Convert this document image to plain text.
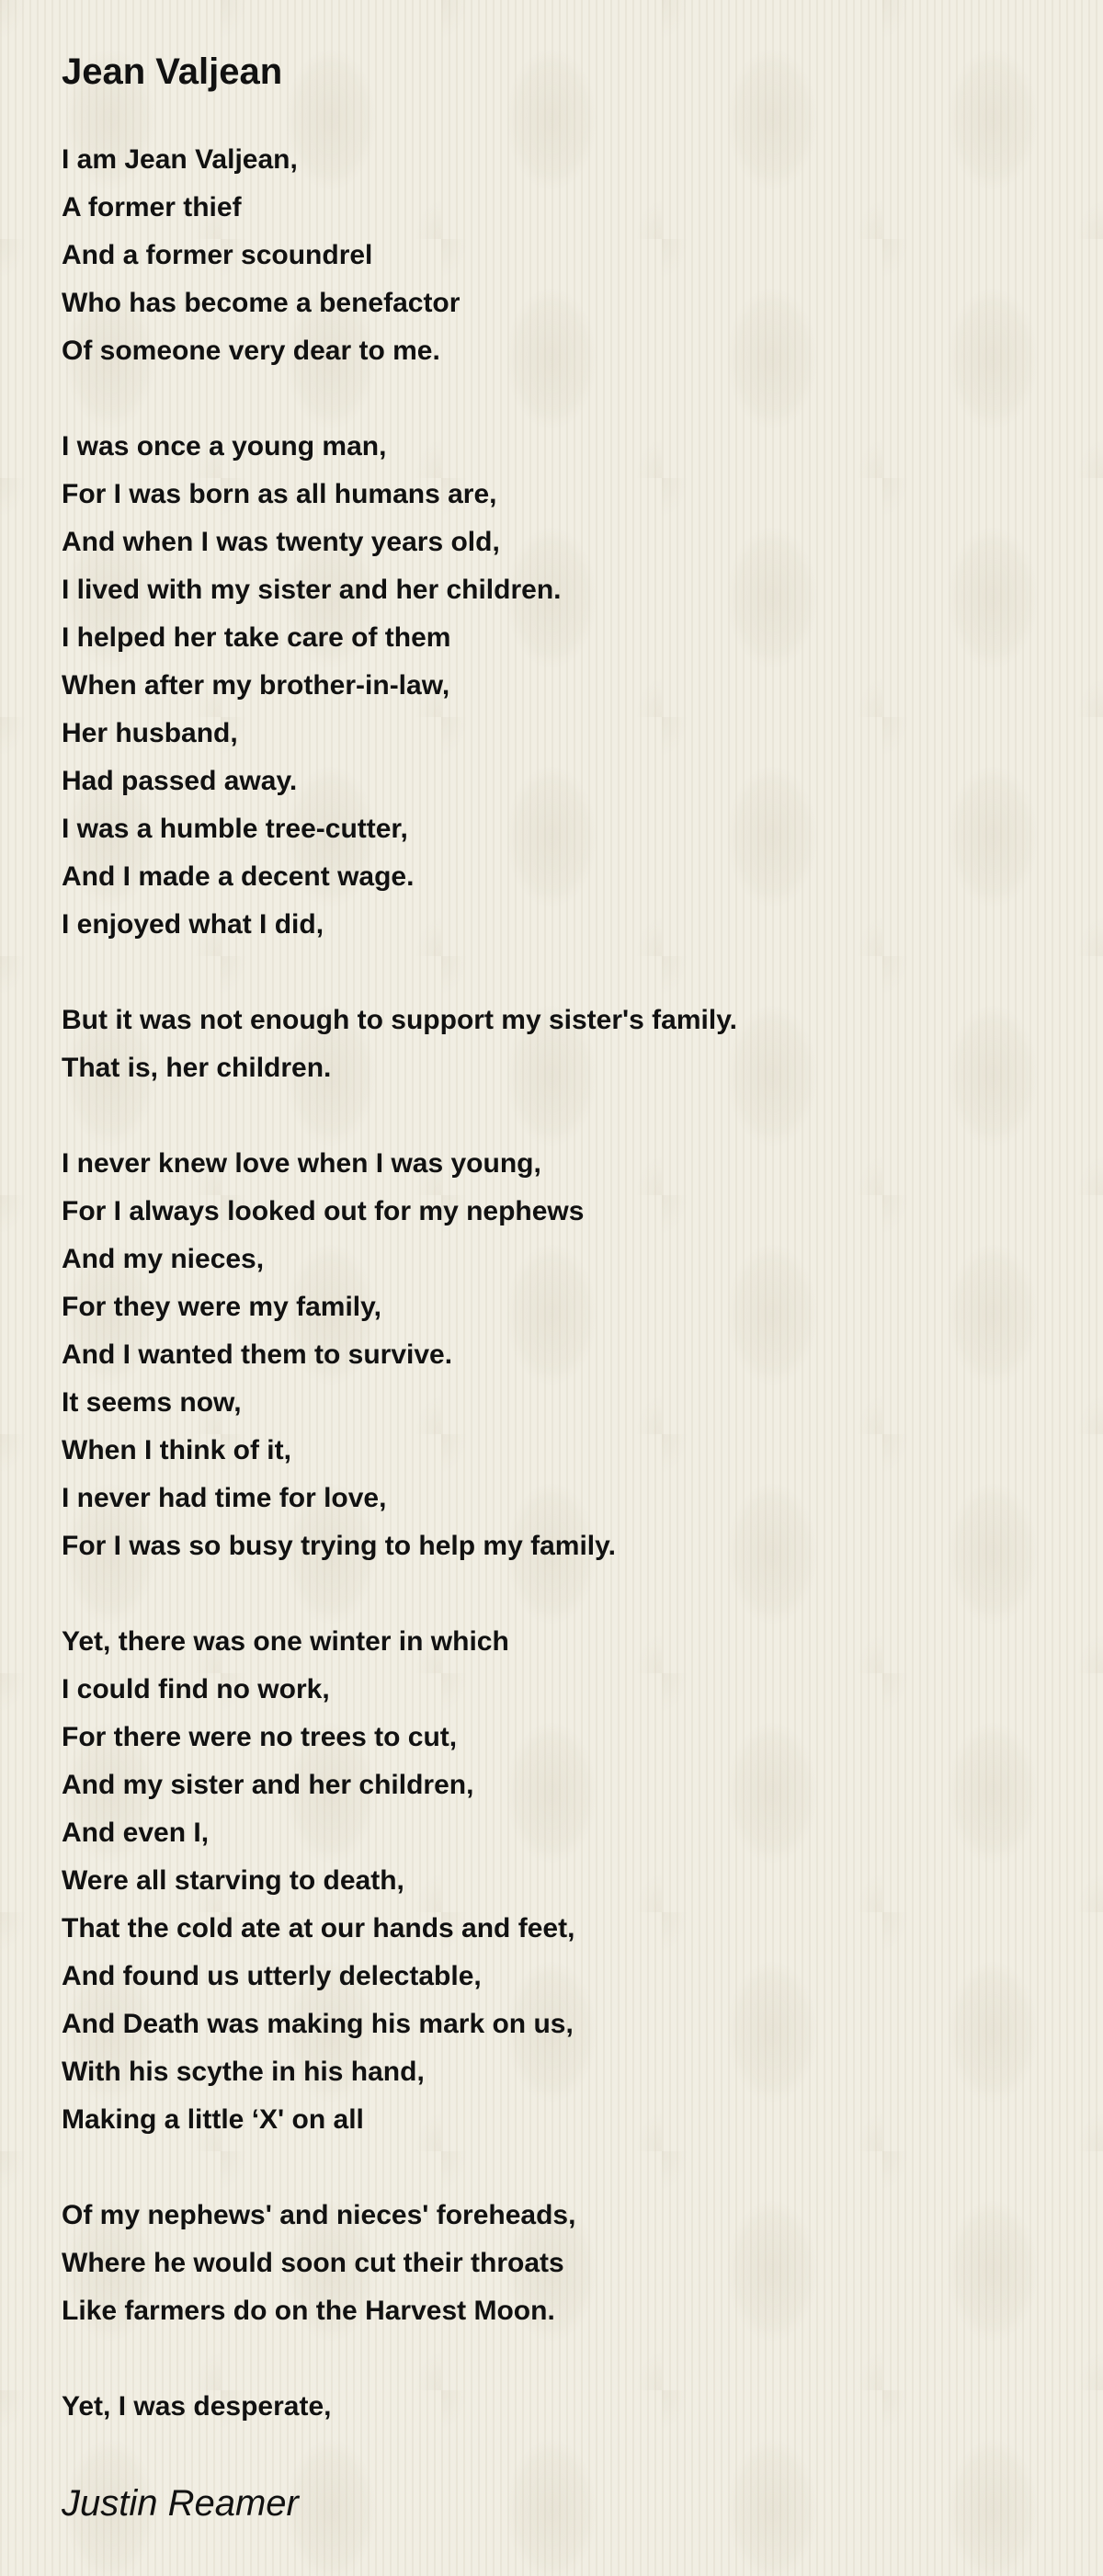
Jean Valjean
I am Jean Valjean,
A former thief
And a former scoundrel
Who has become a benefactor
Of someone very dear to me.
I was once a young man,
For I was born as all humans are,
And when I was twenty years old,
I lived with my sister and her children.
I helped her take care of them
When after my brother-in-law,
Her husband,
Had passed away.
I was a humble tree-cutter,
And I made a decent wage.
I enjoyed what I did,
But it was not enough to support my sister's family.
That is, her children.
I never knew love when I was young,
For I always looked out for my nephews
And my nieces,
For they were my family,
And I wanted them to survive.
It seems now,
When I think of it,
I never had time for love,
For I was so busy trying to help my family.
Yet, there was one winter in which
I could find no work,
For there were no trees to cut,
And my sister and her children,
And even I,
Were all starving to death,
That the cold ate at our hands and feet,
And found us utterly delectable,
And Death was making his mark on us,
With his scythe in his hand,
Making a little ‘X' on all
Of my nephews' and nieces' foreheads,
Where he would soon cut their throats
Like farmers do on the Harvest Moon.
Yet, I was desperate,
Justin Reamer
